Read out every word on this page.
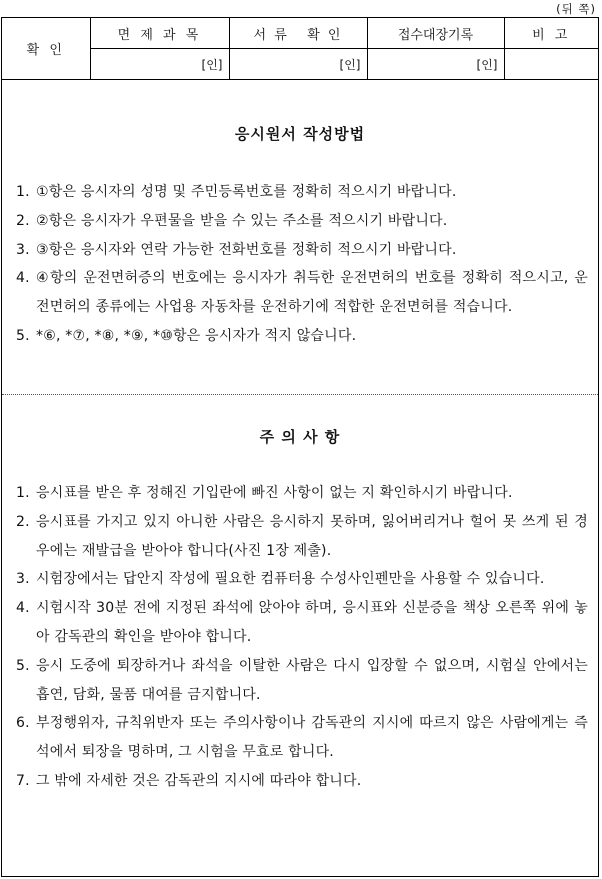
(뒤 쪽)
확 인	면 제 과 목	서 류   확 인	접수대장기록	비 고
	[인]	[인]	[인]	
응시원서 작성방법
1. ①항은 응시자의 성명 및 주민등록번호를 정확히 적으시기 바랍니다.
2. ②항은 응시자가 우편물을 받을 수 있는 주소를 적으시기 바랍니다.
3. ③항은 응시자와 연락 가능한 전화번호를 정확히 적으시기 바랍니다.
4. ④항의 운전면허증의 번호에는 응시자가 취득한 운전면허의 번호를 정확히 적으시고, 운전면허의 종류에는 사업용 자동차를 운전하기에 적합한 운전면허를 적습니다.
5. *⑥, *⑦, *⑧, *⑨, *⑩항은 응시자가 적지 않습니다.
주 의 사 항
1. 응시표를 받은 후 정해진 기입란에 빠진 사항이 없는 지 확인하시기 바랍니다.
2. 응시표를 가지고 있지 아니한 사람은 응시하지 못하며, 잃어버리거나 헐어 못 쓰게 된 경우에는 재발급을 받아야 합니다(사진 1장 제출).
3. 시험장에서는 답안지 작성에 필요한 컴퓨터용 수성사인펜만을 사용할 수 있습니다.
4. 시험시작 30분 전에 지정된 좌석에 앉아야 하며, 응시표와 신분증을 책상 오른쪽 위에 놓아 감독관의 확인을 받아야 합니다.
5. 응시 도중에 퇴장하거나 좌석을 이탈한 사람은 다시 입장할 수 없으며, 시험실 안에서는 흡연, 담화, 물품 대여를 금지합니다.
6. 부정행위자, 규칙위반자 또는 주의사항이나 감독관의 지시에 따르지 않은 사람에게는 즉석에서 퇴장을 명하며, 그 시험을 무효로 합니다.
7. 그 밖에 자세한 것은 감독관의 지시에 따라야 합니다.
